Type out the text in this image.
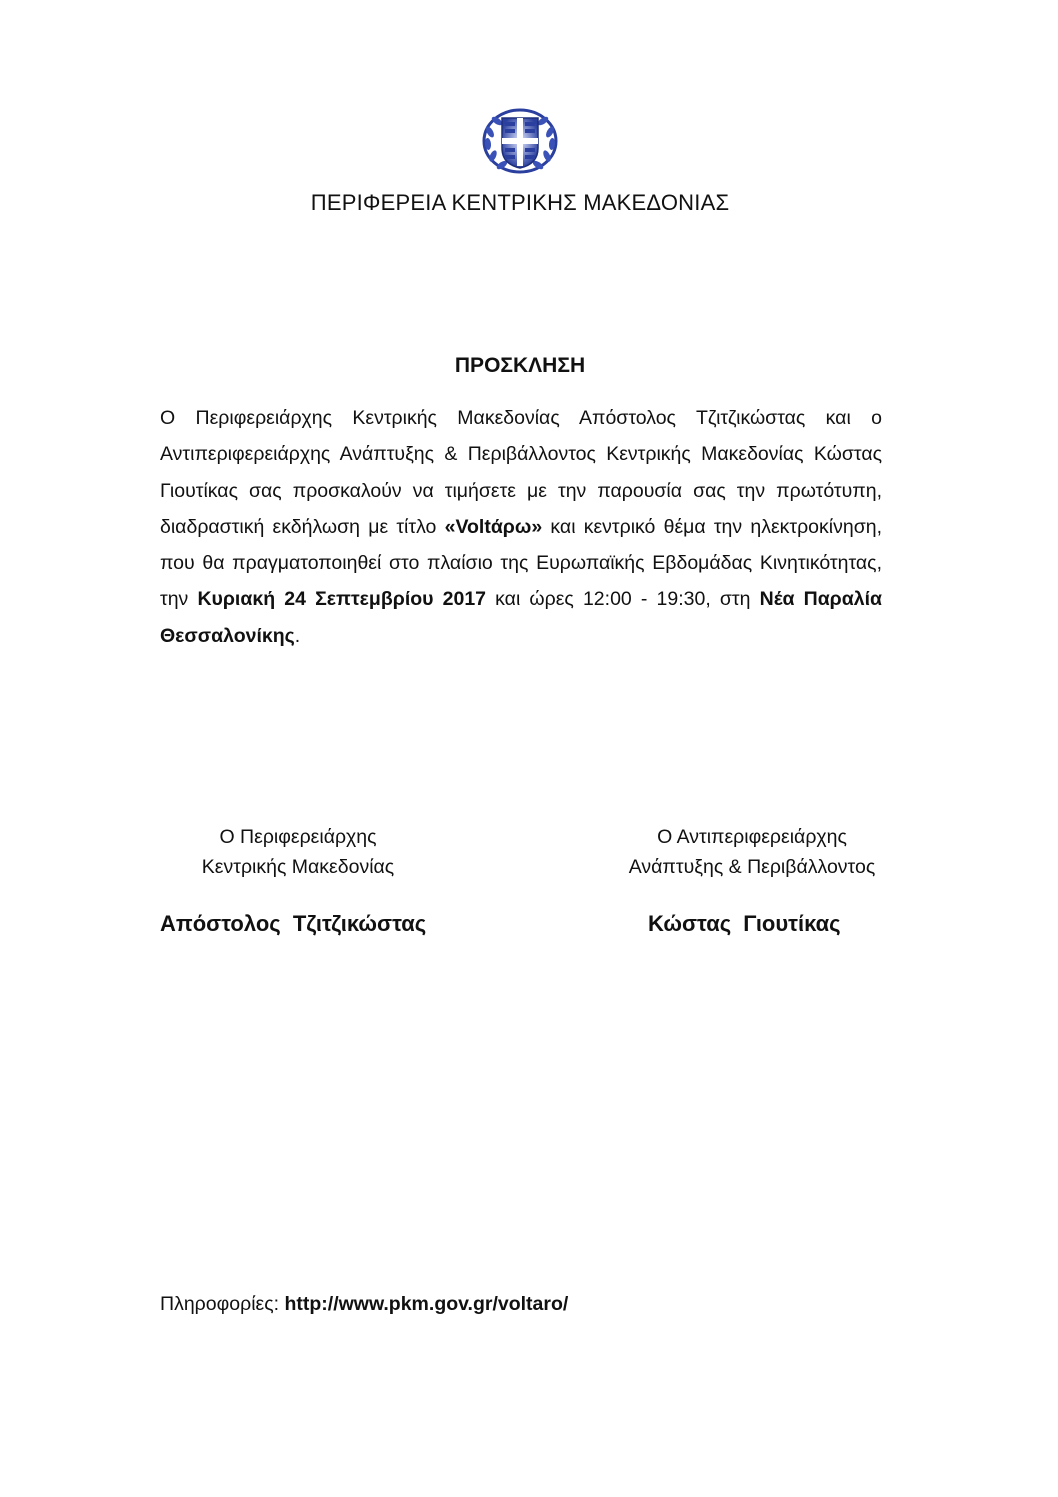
ΠΕΡΙΦΕΡΕΙΑ ΚΕΝΤΡΙΚΗΣ ΜΑΚΕΔΟΝΙΑΣ
ΠΡΟΣΚΛΗΣΗ
Ο Περιφερειάρχης Κεντρικής Μακεδονίας Απόστολος Τζιτζικώστας και ο Αντιπεριφερειάρχης Ανάπτυξης & Περιβάλλοντος Κεντρικής Μακεδονίας Κώστας Γιουτίκας σας προσκαλούν να τιμήσετε με την παρουσία σας την πρωτότυπη, διαδραστική εκδήλωση με τίτλο «Voltάρω» και κεντρικό θέμα την ηλεκτροκίνηση, που θα πραγματοποιηθεί στο πλαίσιο της Ευρωπαϊκής Εβδομάδας Κινητικότητας, την Κυριακή 24 Σεπτεμβρίου 2017 και ώρες 12:00 - 19:30, στη Νέα Παραλία Θεσσαλονίκης.
Ο Περιφερειάρχης
Κεντρικής Μακεδονίας
Ο Αντιπεριφερειάρχης
Ανάπτυξης & Περιβάλλοντος
Απόστολος Τζιτζικώστας	Κώστας Γιουτίκας
Πληροφορίες: http://www.pkm.gov.gr/voltaro/
